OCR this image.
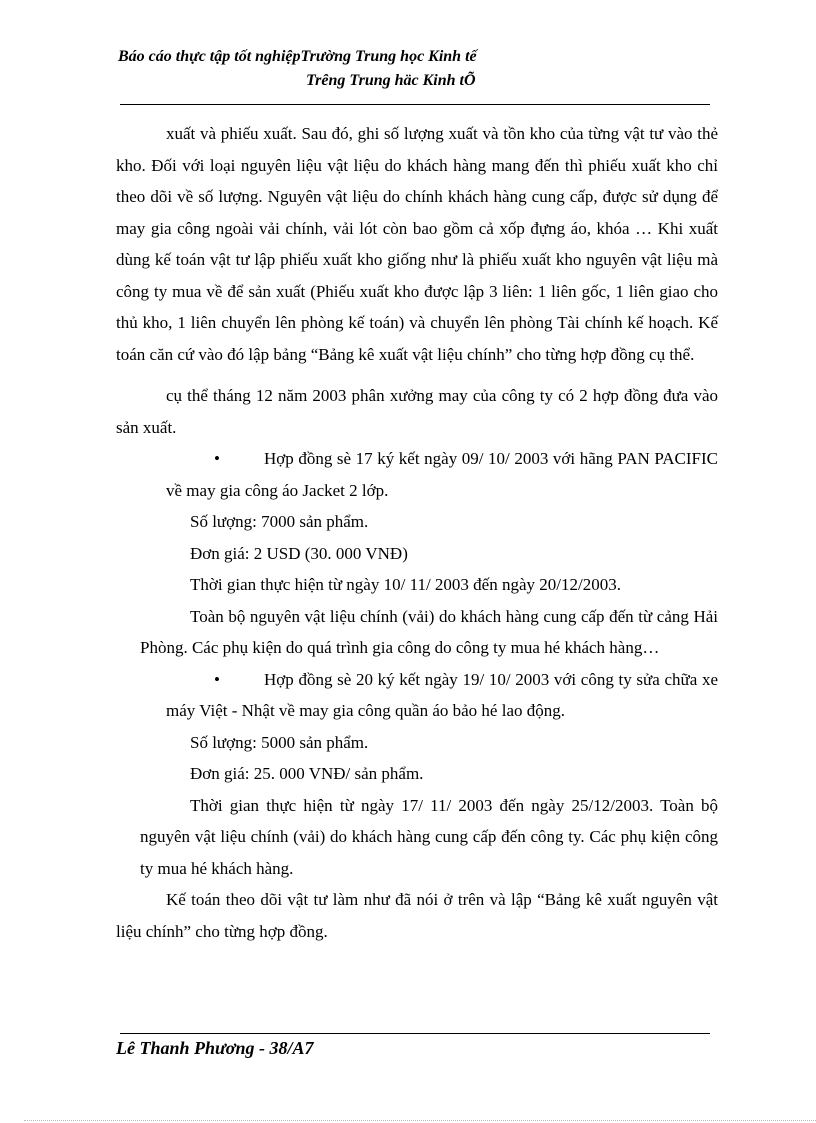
Báo cáo thực tập tốt nghiệpTrường Trung học Kinh tế
Trêng Trung häc Kinh tÕ

xuất và phiếu xuất. Sau đó, ghi số lượng xuất và tồn kho của từng vật tư vào thẻ kho. Đối với loại nguyên liệu vật liệu do khách hàng mang đến thì phiếu xuất kho chỉ theo dõi về số lượng. Nguyên vật liệu do chính khách hàng cung cấp, được sử dụng để may gia công ngoài vải chính, vải lót còn bao gồm cả xốp đựng áo, khóa … Khi xuất dùng kế toán vật tư lập phiếu xuất kho giống như là phiếu xuất kho nguyên vật liệu mà công ty mua về để sản xuất (Phiếu xuất kho được lập 3 liên: 1 liên gốc, 1 liên giao cho thủ kho, 1 liên chuyển lên phòng kế toán) và chuyển lên phòng Tài chính kế hoạch. Kế toán căn cứ vào đó lập bảng “Bảng kê xuất vật liệu chính” cho từng hợp đồng cụ thể.

cụ thể tháng 12 năm 2003 phân xưởng may của công ty có 2 hợp đồng đưa vào sản xuất.

•	Hợp đồng sè 17 ký kết ngày 09/ 10/ 2003 với hãng PAN PACIFIC về may gia công áo Jacket 2 lớp.

Số lượng: 7000 sản phẩm.

Đơn giá: 2 USD (30. 000 VNĐ)

Thời gian thực hiện từ ngày 10/ 11/ 2003 đến ngày 20/12/2003.

Toàn bộ nguyên vật liệu chính (vải) do khách hàng cung cấp đến từ cảng Hải Phòng. Các phụ kiện do quá trình gia công do công ty mua hé khách hàng…

•	Hợp đồng sè 20 ký kết ngày 19/ 10/ 2003 với công ty sửa chữa xe máy Việt - Nhật về may gia công quần áo bảo hé lao động.

Số lượng: 5000 sản phẩm.

Đơn giá: 25. 000 VNĐ/ sản phẩm.

Thời gian thực hiện từ ngày 17/ 11/ 2003 đến ngày 25/12/2003. Toàn bộ nguyên vật liệu chính (vải) do khách hàng cung cấp đến công ty. Các phụ kiện công ty mua hé khách hàng.

Kế toán theo dõi vật tư làm như đã nói ở trên và lập “Bảng kê xuất nguyên vật liệu chính” cho từng hợp đồng.

Lê Thanh Phương - 38/A7
